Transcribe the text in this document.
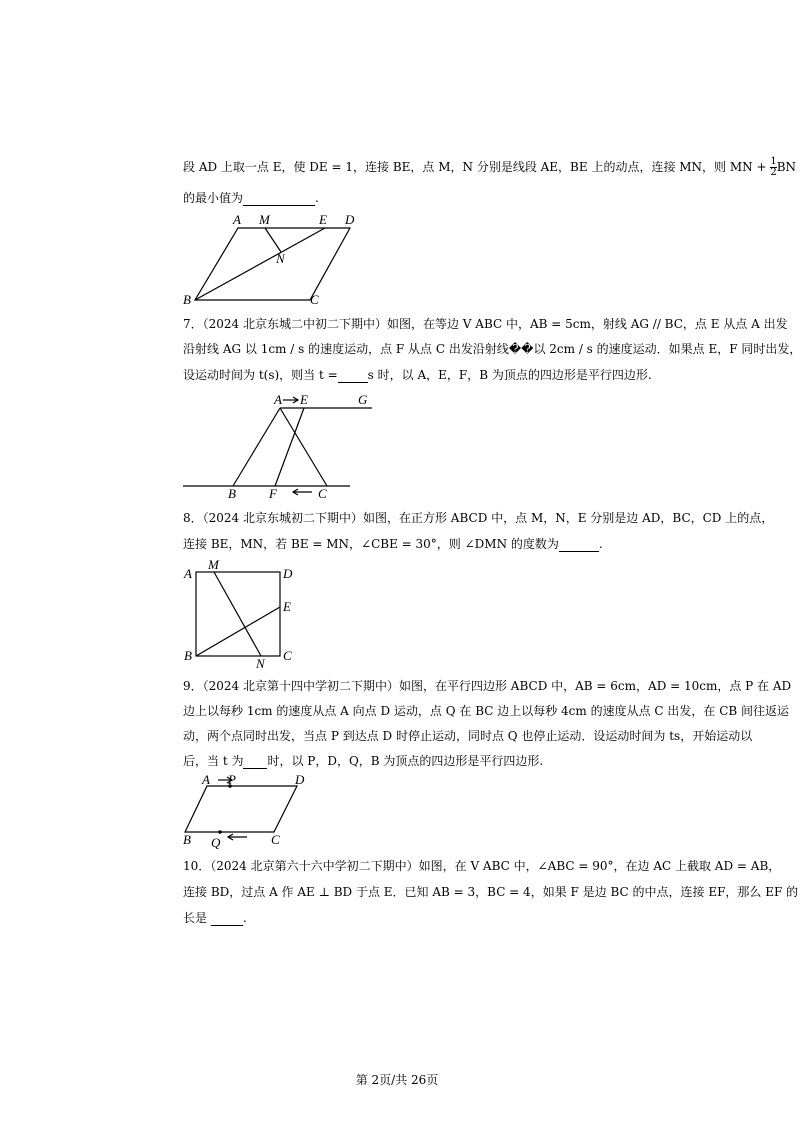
段 AD 上取一点 E，使 DE = 1，连接 BE，点 M，N 分别是线段 AE，BE 上的动点，连接 MN，则 MN + $\frac{1}{2}$ BN
的最小值为	.
A M	E D
N
B	C
7．（2024 北京东城二中初二下期中）如图，在等边 V ABC 中，AB = 5cm，射线 AG // BC，点 E 从点 A 出发
沿射线 AG 以 1cm / s 的速度运动，点 F 从点 C 出发沿射线��以 2cm / s 的速度运动．如果点 E，F 同时出发，
设运动时间为 t(s)，则当 t =	s 时，以 A，E，F，B 为顶点的四边形是平行四边形.
A E	G
B	F	C
8．（2024 北京东城初二下期中）如图，在正方形 ABCD 中，点 M，N，E 分别是边 AD，BC，CD 上的点，
连接 BE，MN，若 BE = MN，∠CBE = 30°，则 ∠DMN 的度数为	.
A
M
D
E
B
N
C
9．（2024 北京第十四中学初二下期中）如图，在平行四边形 ABCD 中，AB = 6cm，AD = 10cm，点 P 在 AD
边上以每秒 1cm 的速度从点 A 向点 D 运动，点 Q 在 BC 边上以每秒 4cm 的速度从点 C 出发，在 CB 间往返运
动，两个点同时出发，当点 P 到达点 D 时停止运动，同时点 Q 也停止运动．设运动时间为 ts，开始运动以
后，当 t 为 时，以 P，D，Q，B 为顶点的四边形是平行四边形.
A P	D
B Q	C
10．（2024 北京第六十六中学初二下期中）如图，在 V ABC 中，∠ABC = 90°，在边 AC 上截取 AD = AB，
连接 BD，过点 A 作 AE ⊥ BD 于点 E．已知 AB = 3，BC = 4，如果 F 是边 BC 的中点，连接 EF，那么 EF 的
长是	.
第 2页/共 26页
